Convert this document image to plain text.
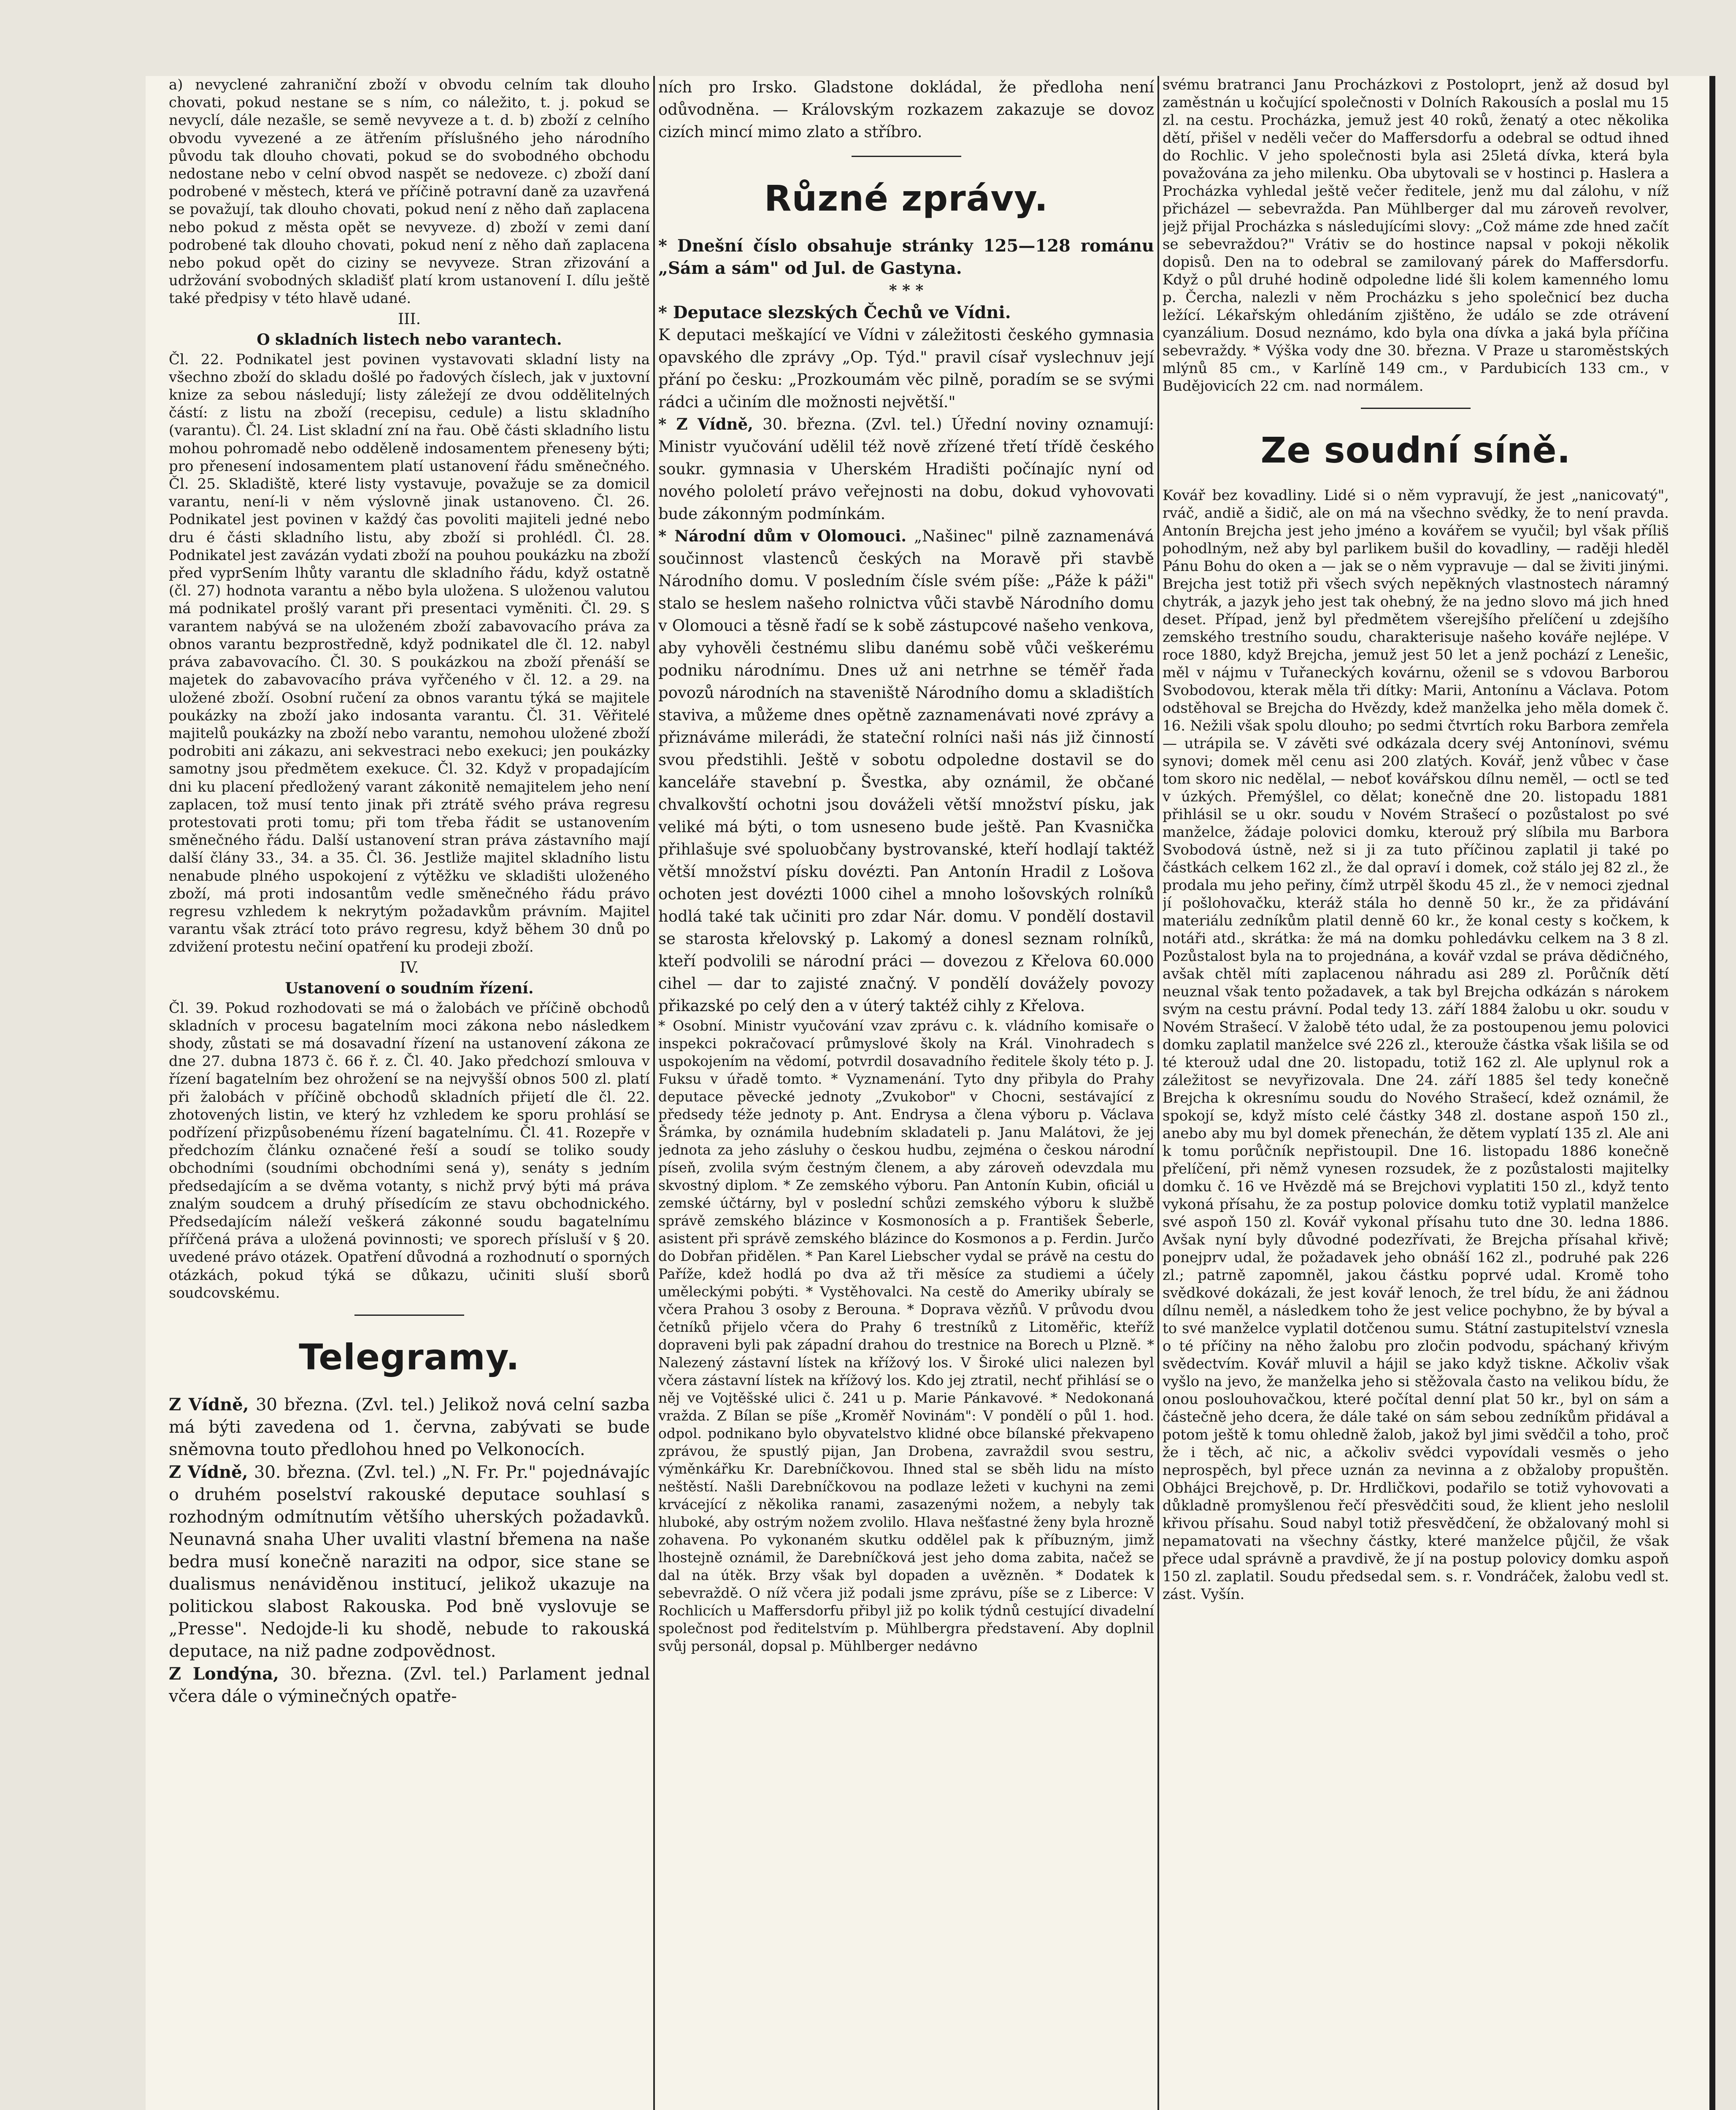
a) nevyclené zahraniční zboží v obvodu celním tak dlouho chovati, pokud nestane se s ním, co náležito, t. j. pokud se nevyclí, dále nezašle, se semě nevyveze a t. d. b) zboží z celního obvodu vyvezené a ze ätřením příslušného jeho národního původu tak dlouho chovati, pokud se do svobodného obchodu nedostane nebo v celní obvod naspět se nedoveze. c) zboží daní podrobené v městech, která ve příčině potravní daně za uzavřená se považují, tak dlouho chovati, pokud není z něho daň zaplacena nebo pokud z města opět se nevyveze. d) zboží v zemi daní podrobené tak dlouho chovati, pokud není z něho daň zaplacena nebo pokud opět do ciziny se nevyveze. Stran zřizování a udržování svobodných skladišť platí krom ustanovení I. dílu ještě také předpisy v této hlavě udané.

III.
O skladních listech nebo varantech.

Čl. 22. Podnikatel jest povinen vystavovati skladní listy na všechno zboží do skladu došlé po řadových číslech, jak v juxtovní knize za sebou následují; listy záležejí ze dvou oddělitelných částí: z listu na zboží (recepisu, cedule) a listu skladního (varantu). Čl. 24. List skladní zní na řau. Obě části skladního listu mohou pohromadě nebo odděleně indosamentem přeneseny býti; pro přenesení indosamentem platí ustanovení řádu směnečného. Čl. 25. Skladiště, které listy vystavuje, považuje se za domicil varantu, není-li v něm výslovně jinak ustanoveno. Čl. 26. Podnikatel jest povinen v každý čas povoliti majiteli jedné nebo dru é části skladního listu, aby zboží si prohlédl. Čl. 28. Podnikatel jest zavázán vydati zboží na pouhou poukázku na zboží před vyprSením lhůty varantu dle skladního řádu, když ostatně (čl. 27) hodnota varantu a něbo byla uložena. S uloženou valutou má podnikatel prošlý varant při presentaci vyměniti. Čl. 29. S varantem nabývá se na uloženém zboží zabavovacího práva za obnos varantu bezprostředně, když podnikatel dle čl. 12. nabyl práva zabavovacího. Čl. 30. S poukázkou na zboží přenáší se majetek do zabavovacího práva vyřčeného v čl. 12. a 29. na uložené zboží. Osobní ručení za obnos varantu týká se majitele poukázky na zboží jako indosanta varantu. Čl. 31. Věřitelé majitelů poukázky na zboží nebo varantu, nemohou uložené zboží podrobiti ani zákazu, ani sekvestraci nebo exekuci; jen poukázky samotny jsou předmětem exekuce. Čl. 32. Když v propadajícím dni ku placení předložený varant zákonitě nemajitelem jeho není zaplacen, tož musí tento jinak při ztrátě svého práva regresu protestovati proti tomu; při tom třeba řádit se ustanovením směnečného řádu. Další ustanovení stran práva zástavního mají další člány 33., 34. a 35. Čl. 36. Jestliže majitel skladního listu nenabude plného uspokojení z výtěžku ve skladišti uloženého zboží, má proti indosantům vedle směnečného řádu právo regresu vzhledem k nekrytým požadavkům právním. Majitel varantu však ztrácí toto právo regresu, když během 30 dnů po zdvižení protestu nečiní opatření ku prodeji zboží.

IV.
Ustanovení o soudním řízení.

Čl. 39. Pokud rozhodovati se má o žalobách ve příčině obchodů skladních v procesu bagatelním moci zákona nebo následkem shody, zůstati se má dosavadní řízení na ustanovení zákona ze dne 27. dubna 1873 č. 66 ř. z. Čl. 40. Jako předchozí smlouva v řízení bagatelním bez ohrožení se na nejvyšší obnos 500 zl. platí při žalobách v příčině obchodů skladních přijetí dle čl. 22. zhotovených listin, ve který hz vzhledem ke sporu prohlásí se podřízení přizpůsobenému řízení bagatelnímu. Čl. 41. Rozepře v předchozím článku označené řeší a soudí se toliko soudy obchodními (soudními obchodními sená y), senáty s jedním předsedajícím a se dvěma votanty, s nichž prvý býti má práva znalým soudcem a druhý přísedícím ze stavu obchodnického. Předsedajícím náleží veškerá zákonné soudu bagatelnímu přířčená práva a uložená povinnosti; ve sporech přísluší v § 20. uvedené právo otázek. Opatření důvodná a rozhodnutí o sporných otázkách, pokud týká se důkazu, učiniti sluší sborů soudcovskému.

Telegramy.

Z Vídně, 30 března. (Zvl. tel.) Jelikož nová celní sazba má býti zavedena od 1. června, zabývati se bude sněmovna touto předlohou hned po Velkonocích.

Z Vídně, 30. března. (Zvl. tel.) „N. Fr. Pr." pojednávajíc o druhém poselství rakouské deputace souhlasí s rozhodným odmítnutím většího uherských požadavků. Neunavná snaha Uher uvaliti vlastní břemena na naše bedra musí konečně naraziti na odpor, sice stane se dualismus nenáviděnou institucí, jelikož ukazuje na politickou slabost Rakouska. Pod bně vyslovuje se „Presse". Nedojde-li ku shodě, nebude to rakouská deputace, na niž padne zodpovědnost.

Z Londýna, 30. března. (Zvl. tel.) Parlament jednal včera dále o výminečných opatře-

ních pro Irsko. Gladstone dokládal, že předloha není odůvodněna. — Královským rozkazem zakazuje se dovoz cizích mincí mimo zlato a stříbro.

Různé zprávy.

* Dnešní číslo obsahuje stránky 125—128 románu „Sám a sám" od Jul. de Gastyna.

* * *

* Deputace slezských Čechů ve Vídni.

K deputaci meškající ve Vídni v záležitosti českého gymnasia opavského dle zprávy „Op. Týd." pravil císař vyslechnuv její přání po česku: „Prozkoumám věc pilně, poradím se se svými rádci a učiním dle možnosti největší."

* Z Vídně, 30. března. (Zvl. tel.) Úřední noviny oznamují: Ministr vyučování udělil též nově zřízené třetí třídě českého soukr. gymnasia v Uherském Hradišti počínajíc nyní od nového pololetí právo veřejnosti na dobu, dokud vyhovovati bude zákonným podmínkám.

* Národní dům v Olomouci. „Našinec" pilně zaznamenává součinnost vlastenců českých na Moravě při stavbě Národního domu. V posledním čísle svém píše: „Páže k páži" stalo se heslem našeho rolnictva vůči stavbě Národního domu v Olomouci a těsně řadí se k sobě zástupcové našeho venkova, aby vyhověli čestnému slibu danému sobě vůči veškerému podniku národnímu. Dnes už ani netrhne se téměř řada povozů národních na staveniště Národního domu a skladištích staviva, a můžeme dnes opětně zaznamenávati nové zprávy a přiznáváme milerádi, že stateční rolníci naši nás již činností svou předstihli. Ještě v sobotu odpoledne dostavil se do kanceláře stavební p. Švestka, aby oznámil, že občané chvalkovští ochotni jsou dováželi větší množství písku, jak veliké má býti, o tom usneseno bude ještě. Pan Kvasnička přihlašuje své spoluobčany bystrovanské, kteří hodlají taktéž větší množství písku dovézti. Pan Antonín Hradil z Lošova ochoten jest dovézti 1000 cihel a mnoho lošovských rolníků hodlá také tak učiniti pro zdar Nár. domu. V pondělí dostavil se starosta křelovský p. Lakomý a donesl seznam rolníků, kteří podvolili se národní práci — dovezou z Křelova 60.000 cihel — dar to zajisté značný. V pondělí dovážely povozy přikazské po celý den a v úterý taktéž cihly z Křelova.

* Osobní. Ministr vyučování vzav zprávu c. k. vládního komisaře o inspekci pokračovací průmyslové školy na Král. Vinohradech s uspokojením na vědomí, potvrdil dosavadního ředitele školy této p. J. Fuksu v úřadě tomto. * Vyznamenání. Tyto dny přibyla do Prahy deputace pěvecké jednoty „Zvukobor" v Chocni, sestávající z předsedy téže jednoty p. Ant. Endrysa a člena výboru p. Václava Šrámka, by oznámila hudebním skladateli p. Janu Malátovi, že jej jednota za jeho zásluhy o českou hudbu, zejména o českou národní píseň, zvolila svým čestným členem, a aby zároveň odevzdala mu skvostný diplom. * Ze zemského výboru. Pan Antonín Kubin, oficiál u zemské účtárny, byl v poslední schůzi zemského výboru k službě správě zemského blázince v Kosmonosích a p. František Šeberle, asistent při správě zemského blázince do Kosmonos a p. Ferdin. Jurčo do Dobřan přidělen. * Pan Karel Liebscher vydal se právě na cestu do Paříže, kdež hodlá po dva až tři měsíce za studiemi a účely uměleckými pobýti. * Vystěhovalci. Na cestě do Ameriky ubíraly se včera Prahou 3 osoby z Berouna. * Doprava vězňů. V průvodu dvou četníků přijelo včera do Prahy 6 trestníků z Litoměřic, kteříž dopraveni byli pak západní drahou do trestnice na Borech u Plzně. * Nalezený zástavní lístek na křížový los. V Široké ulici nalezen byl včera zástavní lístek na křížový los. Kdo jej ztratil, nechť přihlásí se o něj ve Vojtěšské ulici č. 241 u p. Marie Pánkavové. * Nedokonaná vražda. Z Bílan se píše „Kroměř Novinám": V pondělí o půl 1. hod. odpol. podnikano bylo obyvatelstvo klidné obce bílanské překvapeno zprávou, že spustlý pijan, Jan Drobena, zavraždil svou sestru, výměnkářku Kr. Darebníčkovou. Ihned stal se sběh lidu na místo neštěstí. Našli Darebníčkovou na podlaze ležeti v kuchyni na zemi krvácející z několika ranami, zasazenými nožem, a nebyly tak hluboké, aby ostrým nožem zvolilo. Hlava nešťastné ženy byla hrozně zohavena. Po vykonaném skutku oddělel pak k příbuzným, jimž lhostejně oznámil, že Darebníčková jest jeho doma zabita, načež se dal na útěk. Brzy však byl dopaden a uvězněn. * Dodatek k sebevraždě. O níž včera již podali jsme zprávu, píše se z Liberce: V Rochlicích u Maffersdorfu přibyl již po kolik týdnů cestující divadelní společnost pod ředitelstvím p. Mühlbergra představení. Aby doplnil svůj personál, dopsal p. Mühlberger nedávno

svému bratranci Janu Procházkovi z Postoloprt, jenž až dosud byl zaměstnán u kočující společnosti v Dolních Rakousích a poslal mu 15 zl. na cestu. Procházka, jemuž jest 40 roků, ženatý a otec několika dětí, přišel v neděli večer do Maffersdorfu a odebral se odtud ihned do Rochlic. V jeho společnosti byla asi 25letá dívka, která byla považována za jeho milenku. Oba ubytovali se v hostinci p. Haslera a Procházka vyhledal ještě večer ředitele, jenž mu dal zálohu, v níž přicházel — sebevražda. Pan Mühlberger dal mu zároveň revolver, jejž přijal Procházka s následujícími slovy: „Což máme zde hned začít se sebevraždou?" Vrátiv se do hostince napsal v pokoji několik dopisů. Den na to odebral se zamilovaný párek do Maffersdorfu. Když o půl druhé hodině odpoledne lidé šli kolem kamenného lomu p. Čercha, nalezli v něm Procházku s jeho společnicí bez ducha ležící. Lékařským ohledáním zjištěno, že událo se zde otrávení cyanzálium. Dosud neznámo, kdo byla ona dívka a jaká byla příčina sebevraždy. * Výška vody dne 30. března. V Praze u staroměstských mlýnů 85 cm., v Karlíně 149 cm., v Pardubicích 133 cm., v Budějovicích 22 cm. nad normálem.

Ze soudní síně.

Kovář bez kovadliny. Lidé si o něm vypravují, že jest „nanicovatý", rváč, andiě a šidič, ale on má na všechno svědky, že to není pravda. Antonín Brejcha jest jeho jméno a kovářem se vyučil; byl však příliš pohodlným, než aby byl parlikem bušil do kovadliny, — raději hleděl Pánu Bohu do oken a — jak se o něm vypravuje — dal se živiti jinými. Brejcha jest totiž při všech svých nepěkných vlastnostech náramný chytrák, a jazyk jeho jest tak ohebný, že na jedno slovo má jich hned deset. Případ, jenž byl předmětem všerejšího přelíčení u zdejšího zemského trestního soudu, charakterisuje našeho kováře nejlépe. V roce 1880, když Brejcha, jemuž jest 50 let a jenž pochází z Lenešic, měl v nájmu v Tuřaneckých kovárnu, oženil se s vdovou Barborou Svobodovou, kterak měla tři dítky: Marii, Antonínu a Václava. Potom odstěhoval se Brejcha do Hvězdy, kdež manželka jeho měla domek č. 16. Nežili však spolu dlouho; po sedmi čtvrtích roku Barbora zemřela — utrápila se. V závěti své odkázala dcery svéj Antonínovi, svému synovi; domek měl cenu asi 200 zlatých. Kovář, jenž vůbec v čase tom skoro nic nedělal, — neboť kovářskou dílnu neměl, — octl se teď v úzkých. Přemýšlel, co dělat; konečně dne 20. listopadu 1881 přihlásil se u okr. soudu v Novém Strašecí o pozůstalost po své manželce, žádaje polovici domku, kterouž prý slíbila mu Barbora Svobodová ústně, než si ji za tuto příčinou zaplatil ji také po částkách celkem 162 zl., že dal opraví i domek, což stálo jej 82 zl., že prodala mu jeho peřiny, čímž utrpěl škodu 45 zl., že v nemoci zjednal jí pošlohovačku, kteráž stála ho denně 50 kr., že za přidávání materiálu zedníkům platil denně 60 kr., že konal cesty s kočkem, k notáři atd., skrátka: že má na domku pohledávku celkem na 3 8 zl. Pozůstalost byla na to projednána, a kovář vzdal se práva dědičného, avšak chtěl míti zaplacenou náhradu asi 289 zl. Porůčník dětí neuznal však tento požadavek, a tak byl Brejcha odkázán s nárokem svým na cestu právní. Podal tedy 13. září 1884 žalobu u okr. soudu v Novém Strašecí. V žalobě této udal, že za postoupenou jemu polovici domku zaplatil manželce své 226 zl., kterouže částka však lišila se od té kterouž udal dne 20. listopadu, totiž 162 zl. Ale uplynul rok a záležitost se nevyřizovala. Dne 24. září 1885 šel tedy konečně Brejcha k okresnímu soudu do Nového Strašecí, kdež oznámil, že spokojí se, když místo celé částky 348 zl. dostane aspoň 150 zl., anebo aby mu byl domek přenechán, že dětem vyplatí 135 zl. Ale ani k tomu porůčník nepřistoupil. Dne 16. listopadu 1886 konečně přelíčení, při němž vynesen rozsudek, že z pozůstalosti majitelky domku č. 16 ve Hvězdě má se Brejchovi vyplatiti 150 zl., když tento vykoná přísahu, že za postup polovice domku totiž vyplatil manželce své aspoň 150 zl. Kovář vykonal přísahu tuto dne 30. ledna 1886. Avšak nyní byly důvodné podezřívati, že Brejcha přísahal křivě; ponejprv udal, že požadavek jeho obnáší 162 zl., podruhé pak 226 zl.; patrně zapomněl, jakou částku poprvé udal. Kromě toho svědkové dokázali, že jest kovář lenoch, že trel bídu, že ani žádnou dílnu neměl, a následkem toho že jest velice pochybno, že by býval a to své manželce vyplatil dotčenou sumu. Státní zastupitelství vznesla o té příčiny na něho žalobu pro zločin podvodu, spáchaný křivým svědectvím. Kovář mluvil a hájil se jako když tiskne. Ačkoliv však vyšlo na jevo, že manželka jeho si stěžovala často na velikou bídu, že onou poslouhovačkou, které počítal denní plat 50 kr., byl on sám a částečně jeho dcera, že dále také on sám sebou zedníkům přidával a potom ještě k tomu ohledně žalob, jakož byl jimi svědčil a toho, proč že i těch, ač nic, a ačkoliv svědci vypovídali vesměs o jeho neprospěch, byl přece uznán za nevinna a z obžaloby propuštěn. Obhájci Brejchově, p. Dr. Hrdličkovi, podařilo se totiž vyhovovati a důkladně promyšlenou řečí přesvědčiti soud, že klient jeho neslolil křivou přísahu. Soud nabyl totiž přesvědčení, že obžalovaný mohl si nepamatovati na všechny částky, které manželce půjčil, že však přece udal správně a pravdivě, že jí na postup polovicy domku aspoň 150 zl. zaplatil. Soudu předsedal sem. s. r. Vondráček, žalobu vedl st. zást. Vyšín.
